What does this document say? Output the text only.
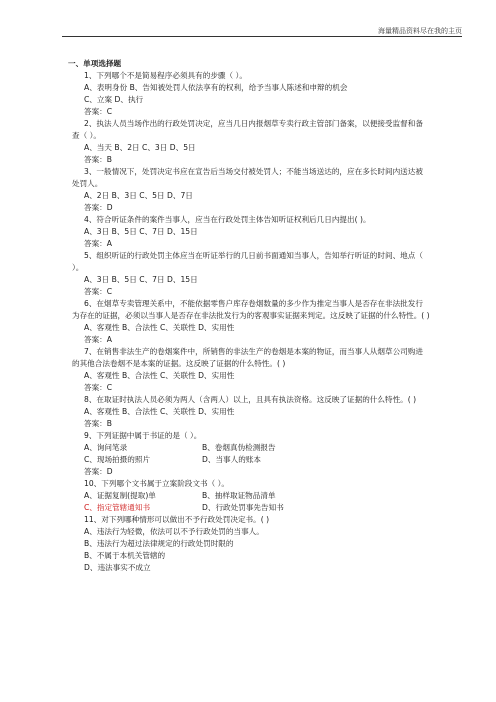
海量精品资料尽在我的主页
一、单项选择题
1、下列哪个不是简易程序必须具有的步骤（ ）。
A、表明身份 B、告知被处罚人依法享有的权利，给予当事人陈述和申辩的机会
C、立案 D、执行
答案：C
2、执法人员当场作出的行政处罚决定，应当几日内报烟草专卖行政主管部门备案，以便接受监督和备查（ ）。
A、当天 B、2日 C、3日 D、5日
答案：B
3、一般情况下，处罚决定书应在宣告后当场交付被处罚人；不能当场送达的，应在多长时间内送达被处罚人。
A、2日 B、3日 C、5日 D、7日
答案：D
4、符合听证条件的案件当事人，应当在行政处罚主体告知听证权利后几日内提出( )。
A、3日 B、5日 C、7日 D、15日
答案：A
5、组织听证的行政处罚主体应当在听证举行的几日前书面通知当事人，告知举行听证的时间、地点（ ）。
A、3日 B、5日 C、7日 D、15日
答案：C
6、在烟草专卖管理关系中，不能依据零售户库存卷烟数量的多少作为推定当事人是否存在非法批发行为存在的证据，必须以当事人是否存在非法批发行为的客观事实证据来判定。这反映了证据的什么特性。( )
A、客观性 B、合法性 C、关联性 D、实用性
答案：A
7、在销售非法生产的卷烟案件中，所销售的非法生产的卷烟是本案的物证，而当事人从烟草公司购进的其他合法卷烟不是本案的证据。这反映了证据的什么特性。( )
A、客观性 B、合法性 C、关联性 D、实用性
答案：C
8、在取证时执法人员必须为两人（含两人）以上，且具有执法资格。这反映了证据的什么特性。( )
A、客观性 B、合法性 C、关联性 D、实用性
答案：B
9、下列证据中属于书证的是（ ）。
A、询问笔录	B、卷烟真伪检测报告
C、现场拍摄的照片	D、当事人的账本
答案：D
10、下列哪个文书属于立案阶段文书（ ）。
A、证据复制(提取)单	B、抽样取证物品清单
C、指定管辖通知书	D、行政处罚事先告知书
11、对下列哪种情形可以做出不予行政处罚决定书。( )
A、违法行为轻微，依法可以不予行政处罚的当事人。
B、违法行为超过法律规定的行政处罚时限的
B、不属于本机关管辖的
D、违法事实不成立
